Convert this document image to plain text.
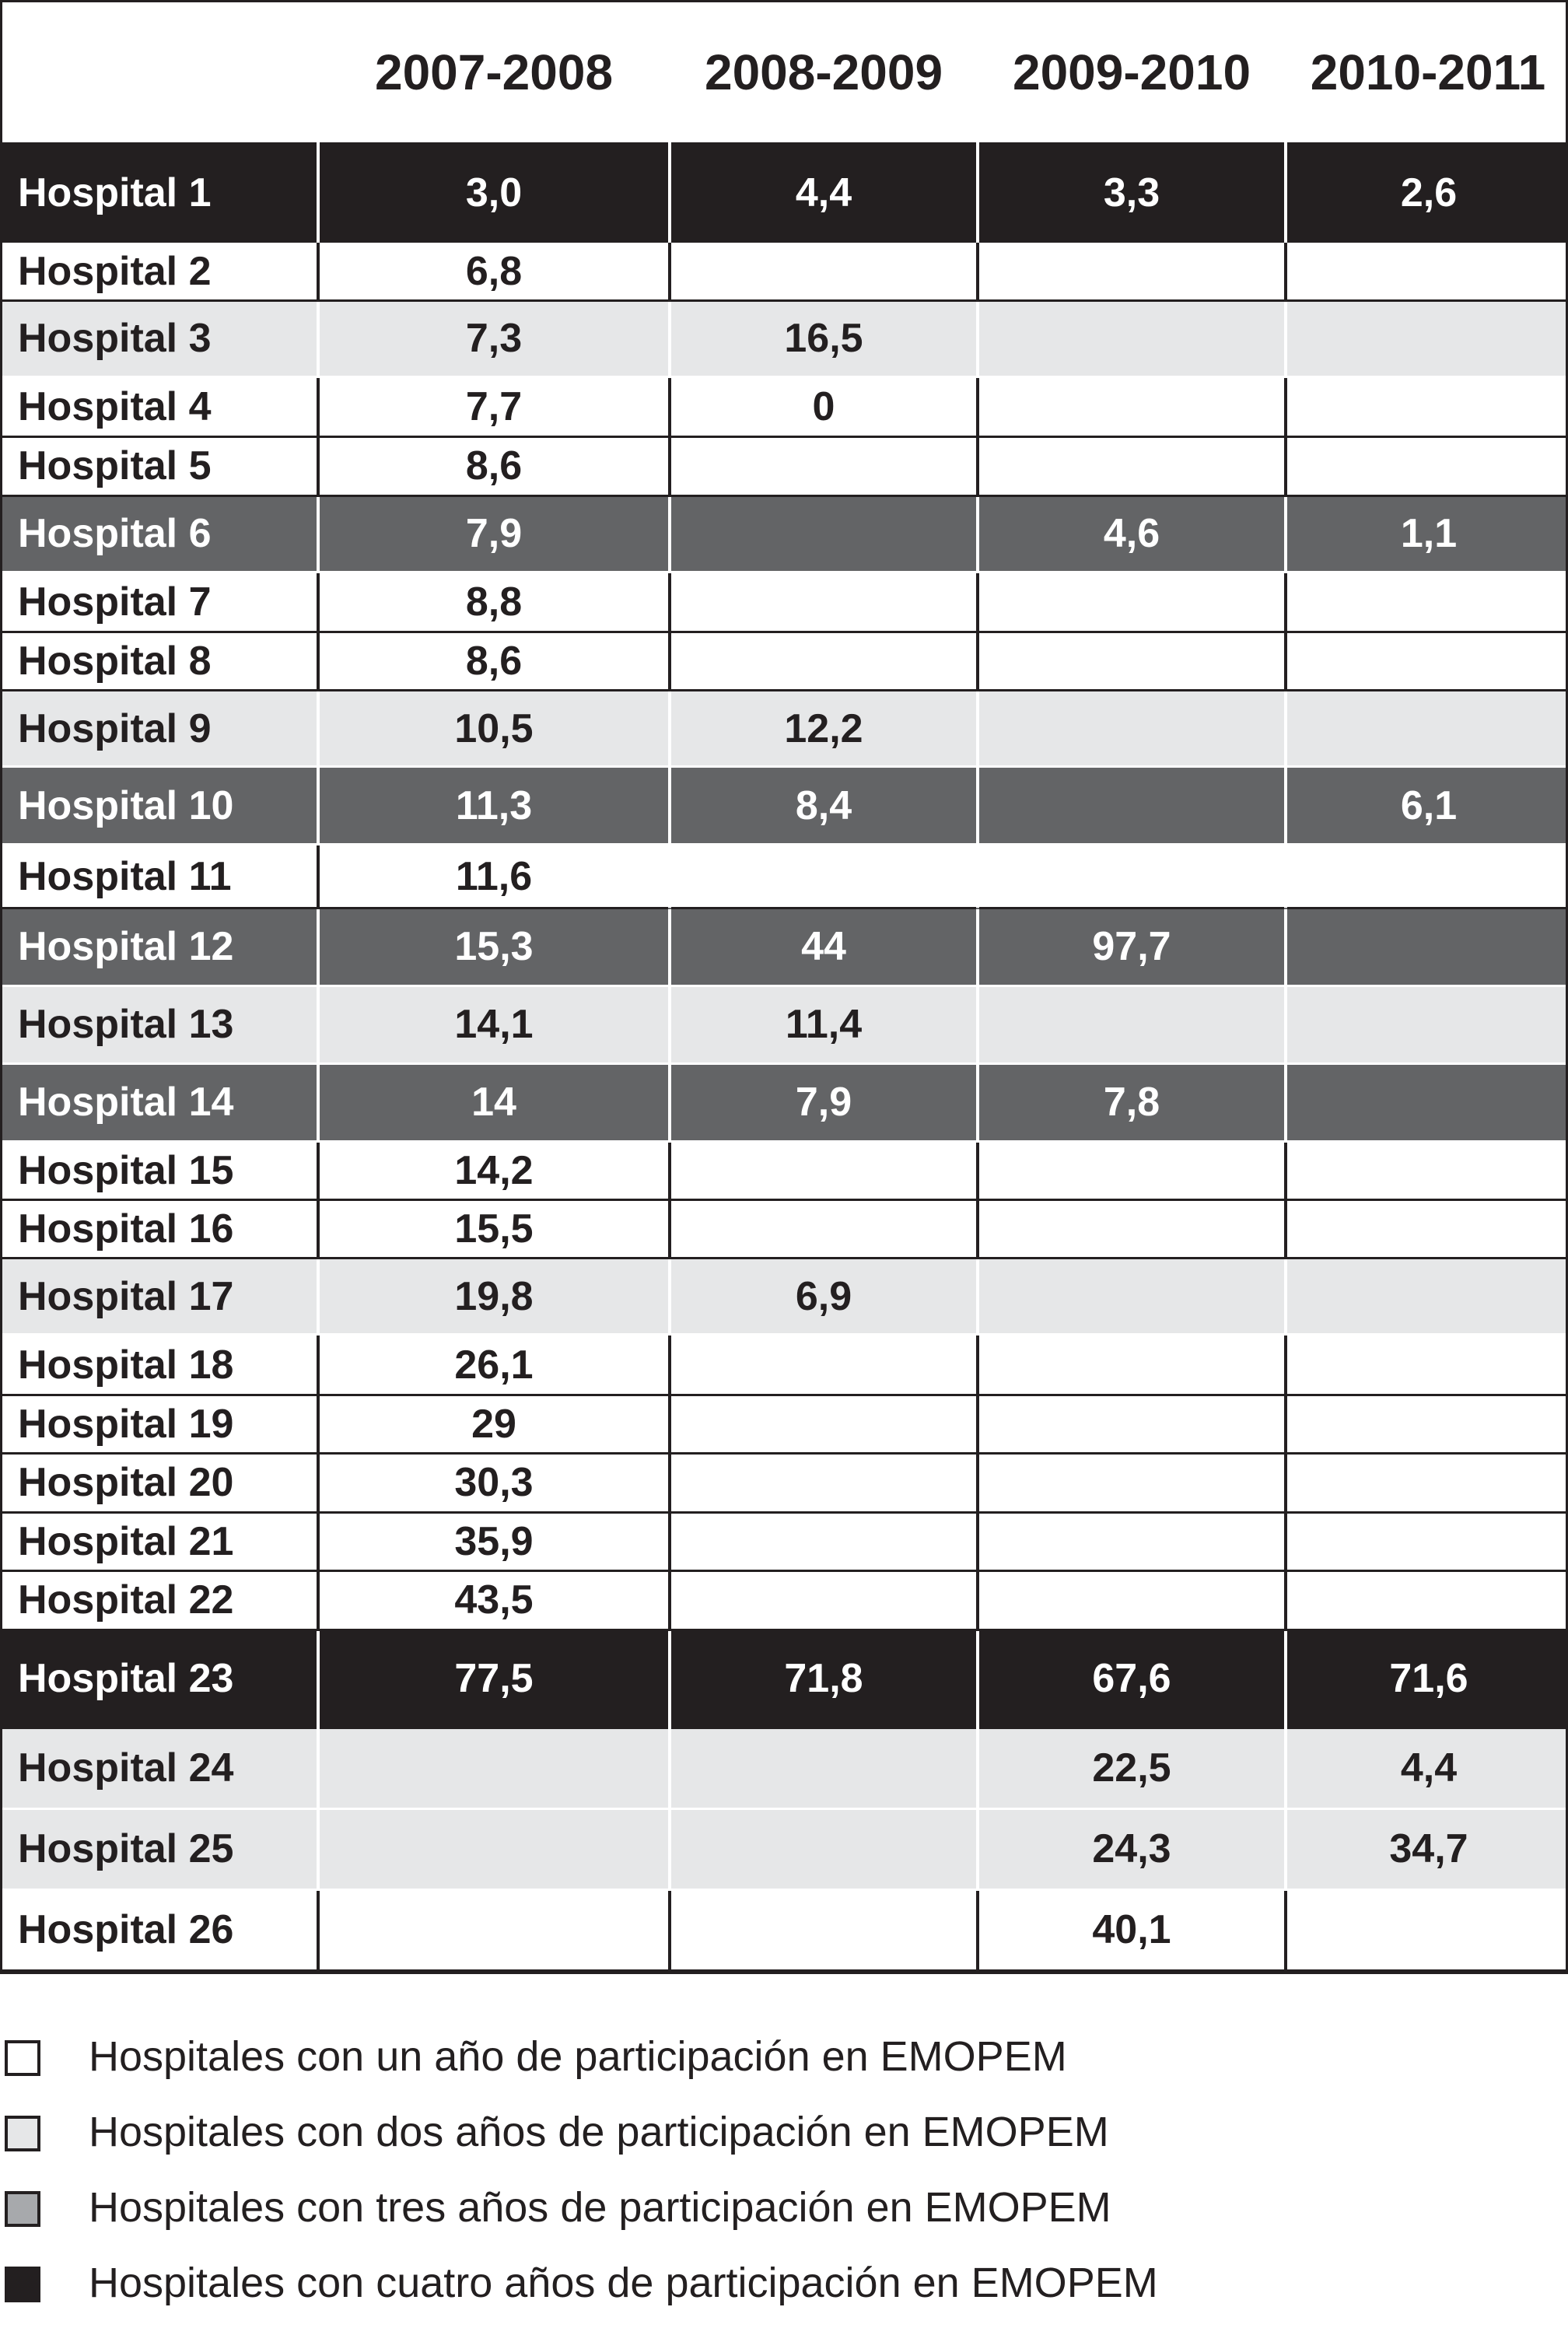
	2007-2008	2008-2009	2009-2010	2010-2011
Hospital 1	3,0	4,4	3,3	2,6
Hospital 2	6,8			
Hospital 3	7,3	16,5		
Hospital 4	7,7	0		
Hospital 5	8,6			
Hospital 6	7,9		4,6	1,1
Hospital 7	8,8			
Hospital 8	8,6			
Hospital 9	10,5	12,2		
Hospital 10	11,3	8,4		6,1
Hospital 11	11,6			
Hospital 12	15,3	44	97,7	
Hospital 13	14,1	11,4		
Hospital 14	14	7,9	7,8	
Hospital 15	14,2			
Hospital 16	15,5			
Hospital 17	19,8	6,9		
Hospital 18	26,1			
Hospital 19	29			
Hospital 20	30,3			
Hospital 21	35,9			
Hospital 22	43,5			
Hospital 23	77,5	71,8	67,6	71,6
Hospital 24			22,5	4,4
Hospital 25			24,3	34,7
Hospital 26			40,1	
Hospitales con un año de participación en EMOPEM
Hospitales con dos años de participación en EMOPEM
Hospitales con tres años de participación en EMOPEM
Hospitales con cuatro años de participación en EMOPEM
